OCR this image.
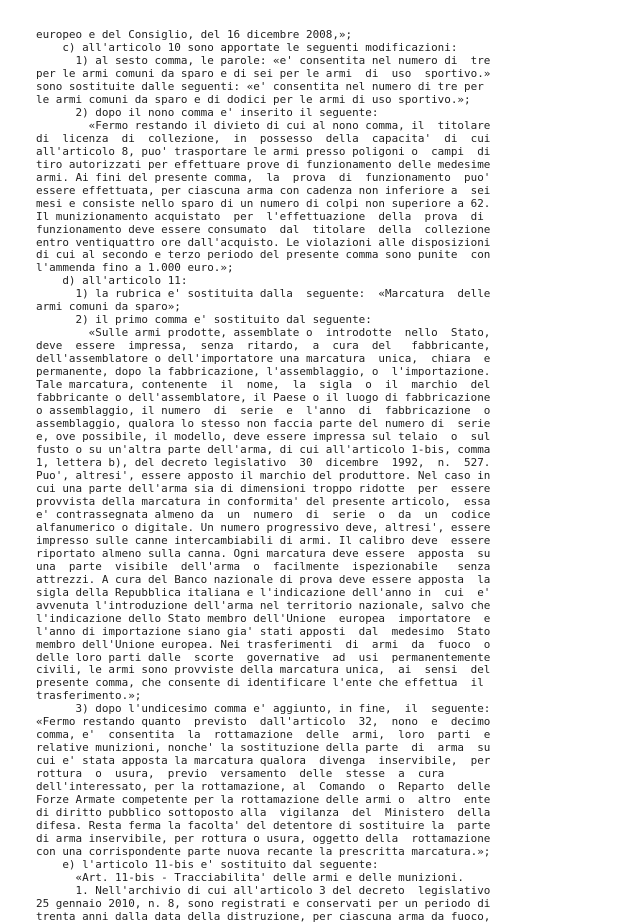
europeo e del Consiglio, del 16 dicembre 2008,»;
c) all'articolo 10 sono apportate le seguenti modificazioni:
1) al sesto comma, le parole: «e' consentita nel numero di  tre
per le armi comuni da sparo e di sei per le armi  di  uso  sportivo.»
sono sostituite dalle seguenti: «e' consentita nel numero di tre per
le armi comuni da sparo e di dodici per le armi di uso sportivo.»;
2) dopo il nono comma e' inserito il seguente:
«Fermo restando il divieto di cui al nono comma, il  titolare
di  licenza  di  collezione,  in  possesso  della  capacita'  di  cui
all'articolo 8, puo' trasportare le armi presso poligoni o  campi  di
tiro autorizzati per effettuare prove di funzionamento delle medesime
armi. Ai fini del presente comma,  la  prova  di  funzionamento  puo'
essere effettuata, per ciascuna arma con cadenza non inferiore a  sei
mesi e consiste nello sparo di un numero di colpi non superiore a 62.
Il munizionamento acquistato  per  l'effettuazione  della  prova  di
funzionamento deve essere consumato  dal  titolare  della  collezione
entro ventiquattro ore dall'acquisto. Le violazioni alle disposizioni
di cui al secondo e terzo periodo del presente comma sono punite  con
l'ammenda fino a 1.000 euro.»;
d) all'articolo 11:
1) la rubrica e' sostituita dalla  seguente:  «Marcatura  delle
armi comuni da sparo»;
2) il primo comma e' sostituito dal seguente:
«Sulle armi prodotte, assemblate o  introdotte  nello  Stato,
deve  essere  impressa,  senza  ritardo,  a  cura  del   fabbricante,
dell'assemblatore o dell'importatore una marcatura  unica,  chiara  e
permanente, dopo la fabbricazione, l'assemblaggio, o  l'importazione.
Tale marcatura, contenente  il  nome,  la  sigla  o  il  marchio  del
fabbricante o dell'assemblatore, il Paese o il luogo di fabbricazione
o assemblaggio, il numero  di  serie  e  l'anno  di  fabbricazione  o
assemblaggio, qualora lo stesso non faccia parte del numero di  serie
e, ove possibile, il modello, deve essere impressa sul telaio  o  sul
fusto o su un'altra parte dell'arma, di cui all'articolo 1-bis, comma
1, lettera b), del decreto legislativo  30  dicembre  1992,  n.  527.
Puo', altresi', essere apposto il marchio del produttore. Nel caso in
cui una parte dell'arma sia di dimensioni troppo ridotte  per  essere
provvista della marcatura in conformita' del presente articolo,  essa
e' contrassegnata almeno da  un  numero  di  serie  o  da  un  codice
alfanumerico o digitale. Un numero progressivo deve, altresi', essere
impresso sulle canne intercambiabili di armi. Il calibro deve  essere
riportato almeno sulla canna. Ogni marcatura deve essere  apposta  su
una  parte  visibile  dell'arma  o  facilmente  ispezionabile   senza
attrezzi. A cura del Banco nazionale di prova deve essere apposta  la
sigla della Repubblica italiana e l'indicazione dell'anno in  cui  e'
avvenuta l'introduzione dell'arma nel territorio nazionale, salvo che
l'indicazione dello Stato membro dell'Unione  europea  importatore  e
l'anno di importazione siano gia' stati apposti  dal  medesimo  Stato
membro dell'Unione europea. Nei trasferimenti  di  armi  da  fuoco  o
delle loro parti dalle  scorte  governative  ad  usi  permanentemente
civili, le armi sono provviste della marcatura unica,  ai  sensi  del
presente comma, che consente di identificare l'ente che effettua  il
trasferimento.»;
3) dopo l'undicesimo comma e' aggiunto, in fine,  il  seguente:
«Fermo restando quanto  previsto  dall'articolo  32,  nono  e  decimo
comma, e'  consentita  la  rottamazione  delle  armi,  loro  parti  e
relative munizioni, nonche' la sostituzione della parte  di  arma  su
cui e' stata apposta la marcatura qualora  divenga  inservibile,  per
rottura  o  usura,  previo  versamento  delle  stesse  a  cura
dell'interessato, per la rottamazione, al  Comando  o  Reparto  delle
Forze Armate competente per la rottamazione delle armi o  altro  ente
di diritto pubblico sottoposto alla  vigilanza  del  Ministero  della
difesa. Resta ferma la facolta' del detentore di sostituire la  parte
di arma inservibile, per rottura o usura, oggetto della  rottamazione
con una corrispondente parte nuova recante la prescritta marcatura.»;
e) l'articolo 11-bis e' sostituito dal seguente:
«Art. 11-bis - Tracciabilita' delle armi e delle munizioni.
1. Nell'archivio di cui all'articolo 3 del decreto  legislativo
25 gennaio 2010, n. 8, sono registrati e conservati per un periodo di
trenta anni dalla data della distruzione, per ciascuna arma da fuoco,
